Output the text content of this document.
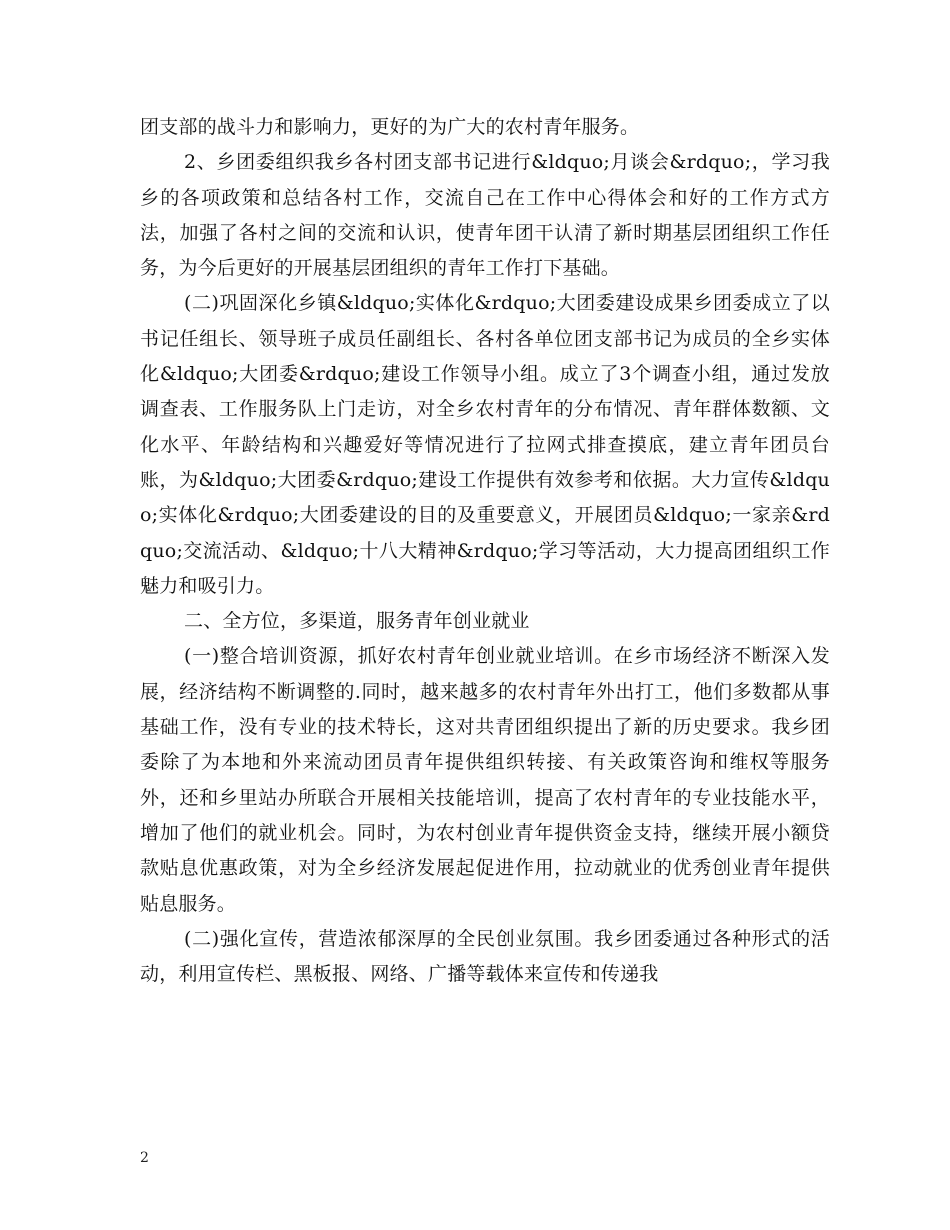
团支部的战斗力和影响力，更好的为广大的农村青年服务。

2、乡团委组织我乡各村团支部书记进行&ldquo;月谈会&rdquo;，学习我乡的各项政策和总结各村工作，交流自己在工作中心得体会和好的工作方式方法，加强了各村之间的交流和认识，使青年团干认清了新时期基层团组织工作任务，为今后更好的开展基层团组织的青年工作打下基础。

(二)巩固深化乡镇&ldquo;实体化&rdquo;大团委建设成果乡团委成立了以书记任组长、领导班子成员任副组长、各村各单位团支部书记为成员的全乡实体化&ldquo;大团委&rdquo;建设工作领导小组。成立了3个调查小组，通过发放调查表、工作服务队上门走访，对全乡农村青年的分布情况、青年群体数额、文化水平、年龄结构和兴趣爱好等情况进行了拉网式排查摸底，建立青年团员台账，为&ldquo;大团委&rdquo;建设工作提供有效参考和依据。大力宣传&ldquo;实体化&rdquo;大团委建设的目的及重要意义，开展团员&ldquo;一家亲&rdquo;交流活动、&ldquo;十八大精神&rdquo;学习等活动，大力提高团组织工作魅力和吸引力。

二、全方位，多渠道，服务青年创业就业

(一)整合培训资源，抓好农村青年创业就业培训。在乡市场经济不断深入发展，经济结构不断调整的.同时，越来越多的农村青年外出打工，他们多数都从事基础工作，没有专业的技术特长，这对共青团组织提出了新的历史要求。我乡团委除了为本地和外来流动团员青年提供组织转接、有关政策咨询和维权等服务外，还和乡里站办所联合开展相关技能培训，提高了农村青年的专业技能水平，增加了他们的就业机会。同时，为农村创业青年提供资金支持，继续开展小额贷款贴息优惠政策，对为全乡经济发展起促进作用，拉动就业的优秀创业青年提供贴息服务。

(二)强化宣传，营造浓郁深厚的全民创业氛围。我乡团委通过各种形式的活动，利用宣传栏、黑板报、网络、广播等载体来宣传和传递我

2
